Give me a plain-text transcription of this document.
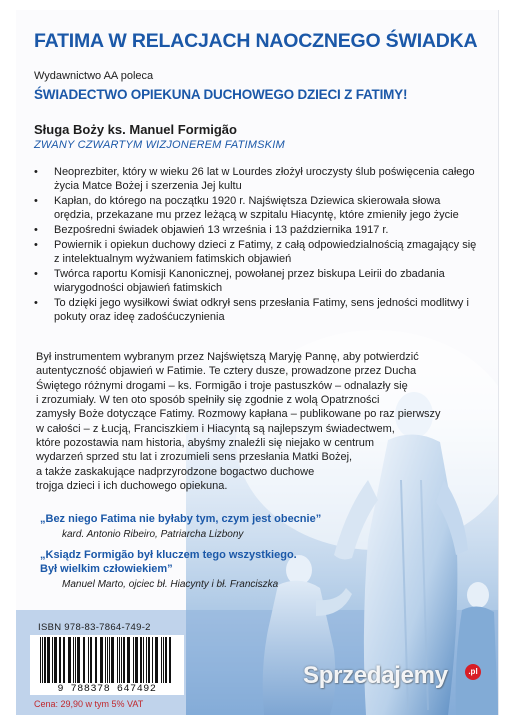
FATIMA W RELACJACH NAOCZNEGO ŚWIADKA

Wydawnictwo AA poleca

ŚWIADECTWO OPIEKUNA DUCHOWEGO DZIECI Z FATIMY!

Sługa Boży ks. Manuel Formigão

ZWANY CZWARTYM WIZJONEREM FATIMSKIM

• Neoprezbiter, który w wieku 26 lat w Lourdes złożył uroczysty ślub poświęcenia całego życia Matce Bożej i szerzenia Jej kultu
• Kapłan, do którego na początku 1920 r. Najświętsza Dziewica skierowała słowa orędzia, przekazane mu przez leżącą w szpitalu Hiacyntę, które zmieniły jego życie
• Bezpośredni świadek objawień 13 września i 13 października 1917 r.
• Powiernik i opiekun duchowy dzieci z Fatimy, z całą odpowiedzialnością zmagający się z intelektualnym wyżwaniem fatimskich objawień
• Twórca raportu Komisji Kanonicznej, powołanej przez biskupa Leirii do zbadania wiarygodności objawień fatimskich
• To dzięki jego wysiłkowi świat odkrył sens przesłania Fatimy, sens jedności modlitwy i pokuty oraz ideę zadośćuczynienia

Był instrumentem wybranym przez Najświętszą Maryję Pannę, aby potwierdzić
autentyczność objawień w Fatimie. Te cztery dusze, prowadzone przez Ducha
Świętego różnymi drogami – ks. Formigão i troje pastuszków – odnalazły się
i zrozumiały. W ten oto sposób spełniły się zgodnie z wolą Opatrzności
zamysły Boże dotyczące Fatimy. Rozmowy kapłana – publikowane po raz pierwszy
w całości – z Łucją, Franciszkiem i Hiacyntą są najlepszym świadectwem,
które pozostawia nam historia, abyśmy znaleźli się niejako w centrum
wydarzeń sprzed stu lat i zrozumieli sens przesłania Matki Bożej,
a także zaskakujące nadprzyrodzone bogactwo duchowe
trojga dzieci i ich duchowego opiekuna.

„Bez niego Fatima nie byłaby tym, czym jest obecnie”

kard. Antonio Ribeiro, Patriarcha Lizbony

„Ksiądz Formigão był kluczem tego wszystkiego.
Był wielkim człowiekiem”

Manuel Marto, ojciec bł. Hiacynty i bł. Franciszka

ISBN 978-83-7864-749-2

9 788378 647492

Cena: 29,90 w tym 5% VAT

Sprzedajemy	.pl
